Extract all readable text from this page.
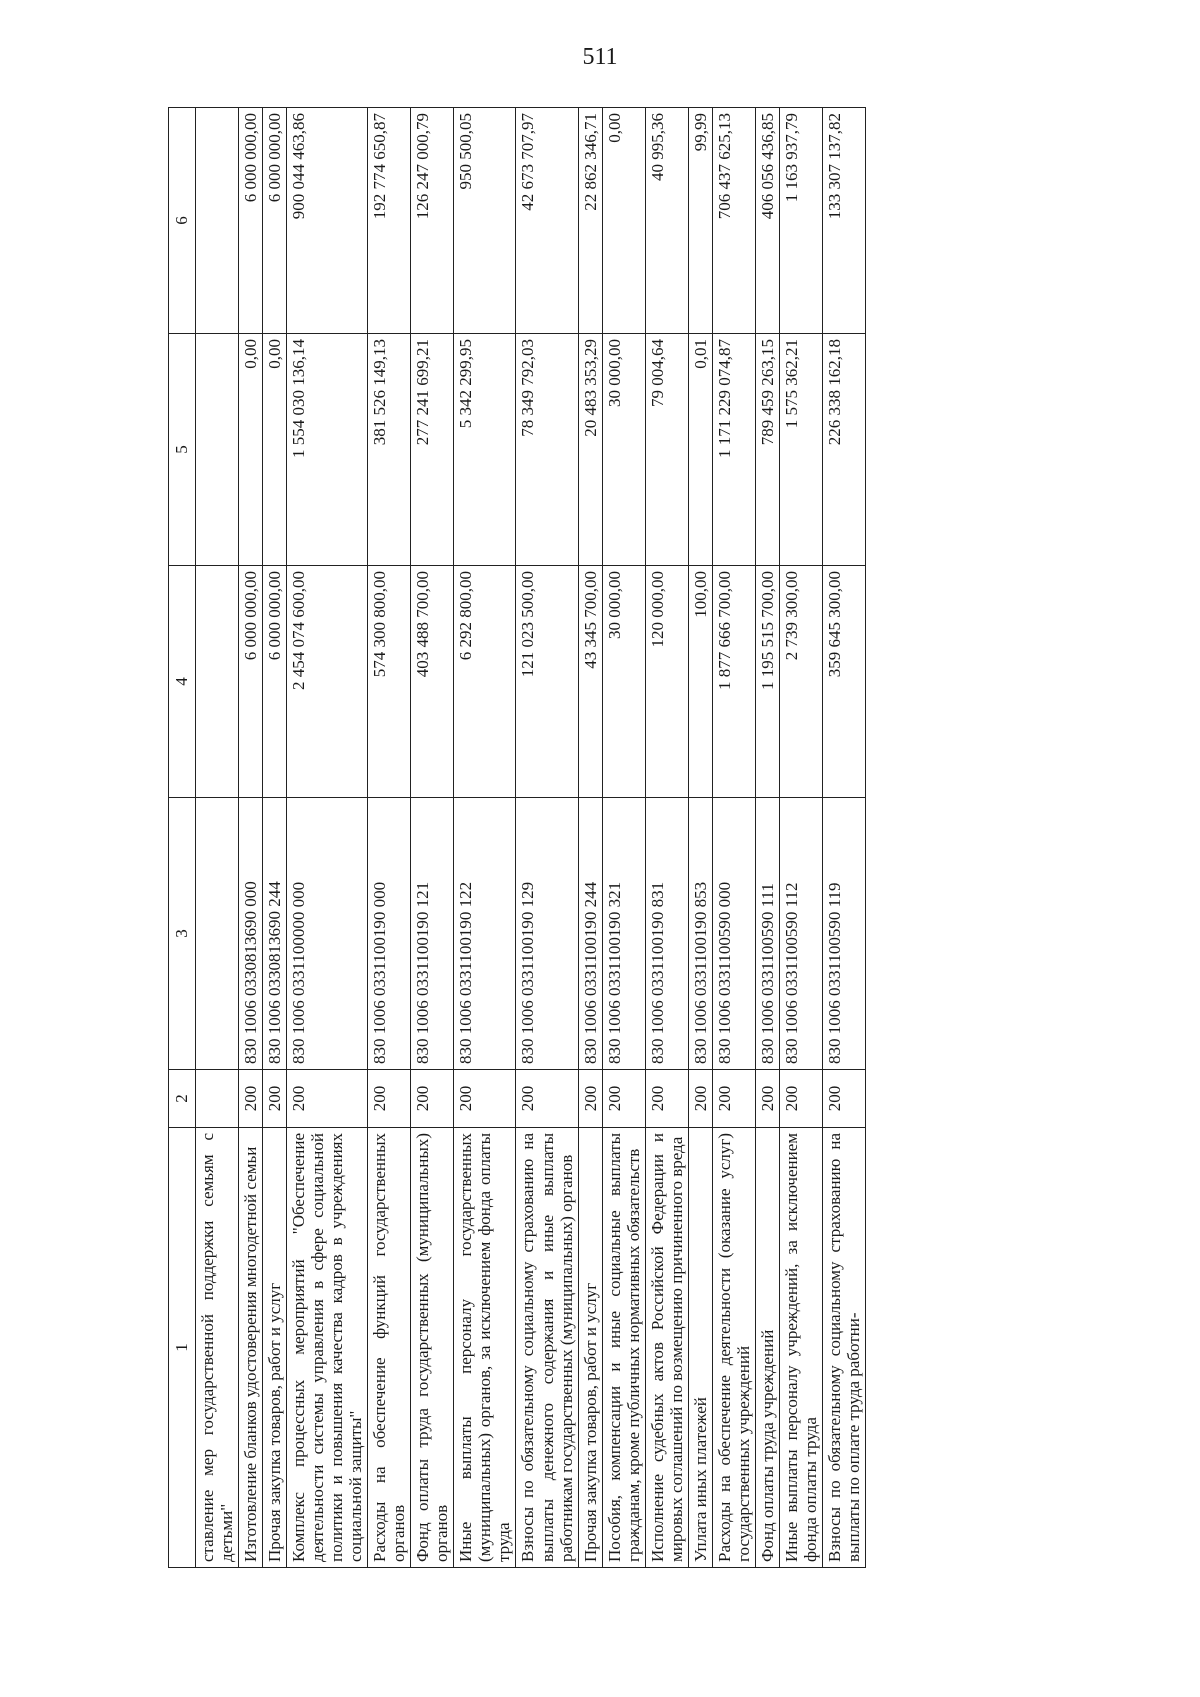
511
1	2	3	4	5	6
ставление мер государственной поддержки семьям с детьми"					
Изготовление бланков удостоверения многодетной семьи	200	830 1006 0330813690 000	6 000 000,00	0,00	6 000 000,00
Прочая закупка товаров, работ и услуг	200	830 1006 0330813690 244	6 000 000,00	0,00	6 000 000,00
Комплекс процессных мероприятий "Обеспечение деятельности системы управления в сфере социальной политики и повышения качества кадров в учреждениях социальной защиты"	200	830 1006 0331100000 000	2 454 074 600,00	1 554 030 136,14	900 044 463,86
Расходы на обеспечение функций государственных органов	200	830 1006 0331100190 000	574 300 800,00	381 526 149,13	192 774 650,87
Фонд оплаты труда государственных (муниципальных) органов	200	830 1006 0331100190 121	403 488 700,00	277 241 699,21	126 247 000,79
Иные выплаты персоналу государственных (муниципальных) органов, за исключением фонда оплаты труда	200	830 1006 0331100190 122	6 292 800,00	5 342 299,95	950 500,05
Взносы по обязательному социальному страхованию на выплаты денежного содержания и иные выплаты работникам государственных (муниципальных) органов	200	830 1006 0331100190 129	121 023 500,00	78 349 792,03	42 673 707,97
Прочая закупка товаров, работ и услуг	200	830 1006 0331100190 244	43 345 700,00	20 483 353,29	22 862 346,71
Пособия, компенсации и иные социальные выплаты гражданам, кроме публичных нормативных обязательств	200	830 1006 0331100190 321	30 000,00	30 000,00	0,00
Исполнение судебных актов Российской Федерации и мировых соглашений по возмещению причиненного вреда	200	830 1006 0331100190 831	120 000,00	79 004,64	40 995,36
Уплата иных платежей	200	830 1006 0331100190 853	100,00	0,01	99,99
Расходы на обеспечение деятельности (оказание услуг) государственных учреждений	200	830 1006 0331100590 000	1 877 666 700,00	1 171 229 074,87	706 437 625,13
Фонд оплаты труда учреждений	200	830 1006 0331100590 111	1 195 515 700,00	789 459 263,15	406 056 436,85
Иные выплаты персоналу учреждений, за исключением фонда оплаты труда	200	830 1006 0331100590 112	2 739 300,00	1 575 362,21	1 163 937,79
Взносы по обязательному социальному страхованию на выплаты по оплате труда работни-	200	830 1006 0331100590 119	359 645 300,00	226 338 162,18	133 307 137,82
